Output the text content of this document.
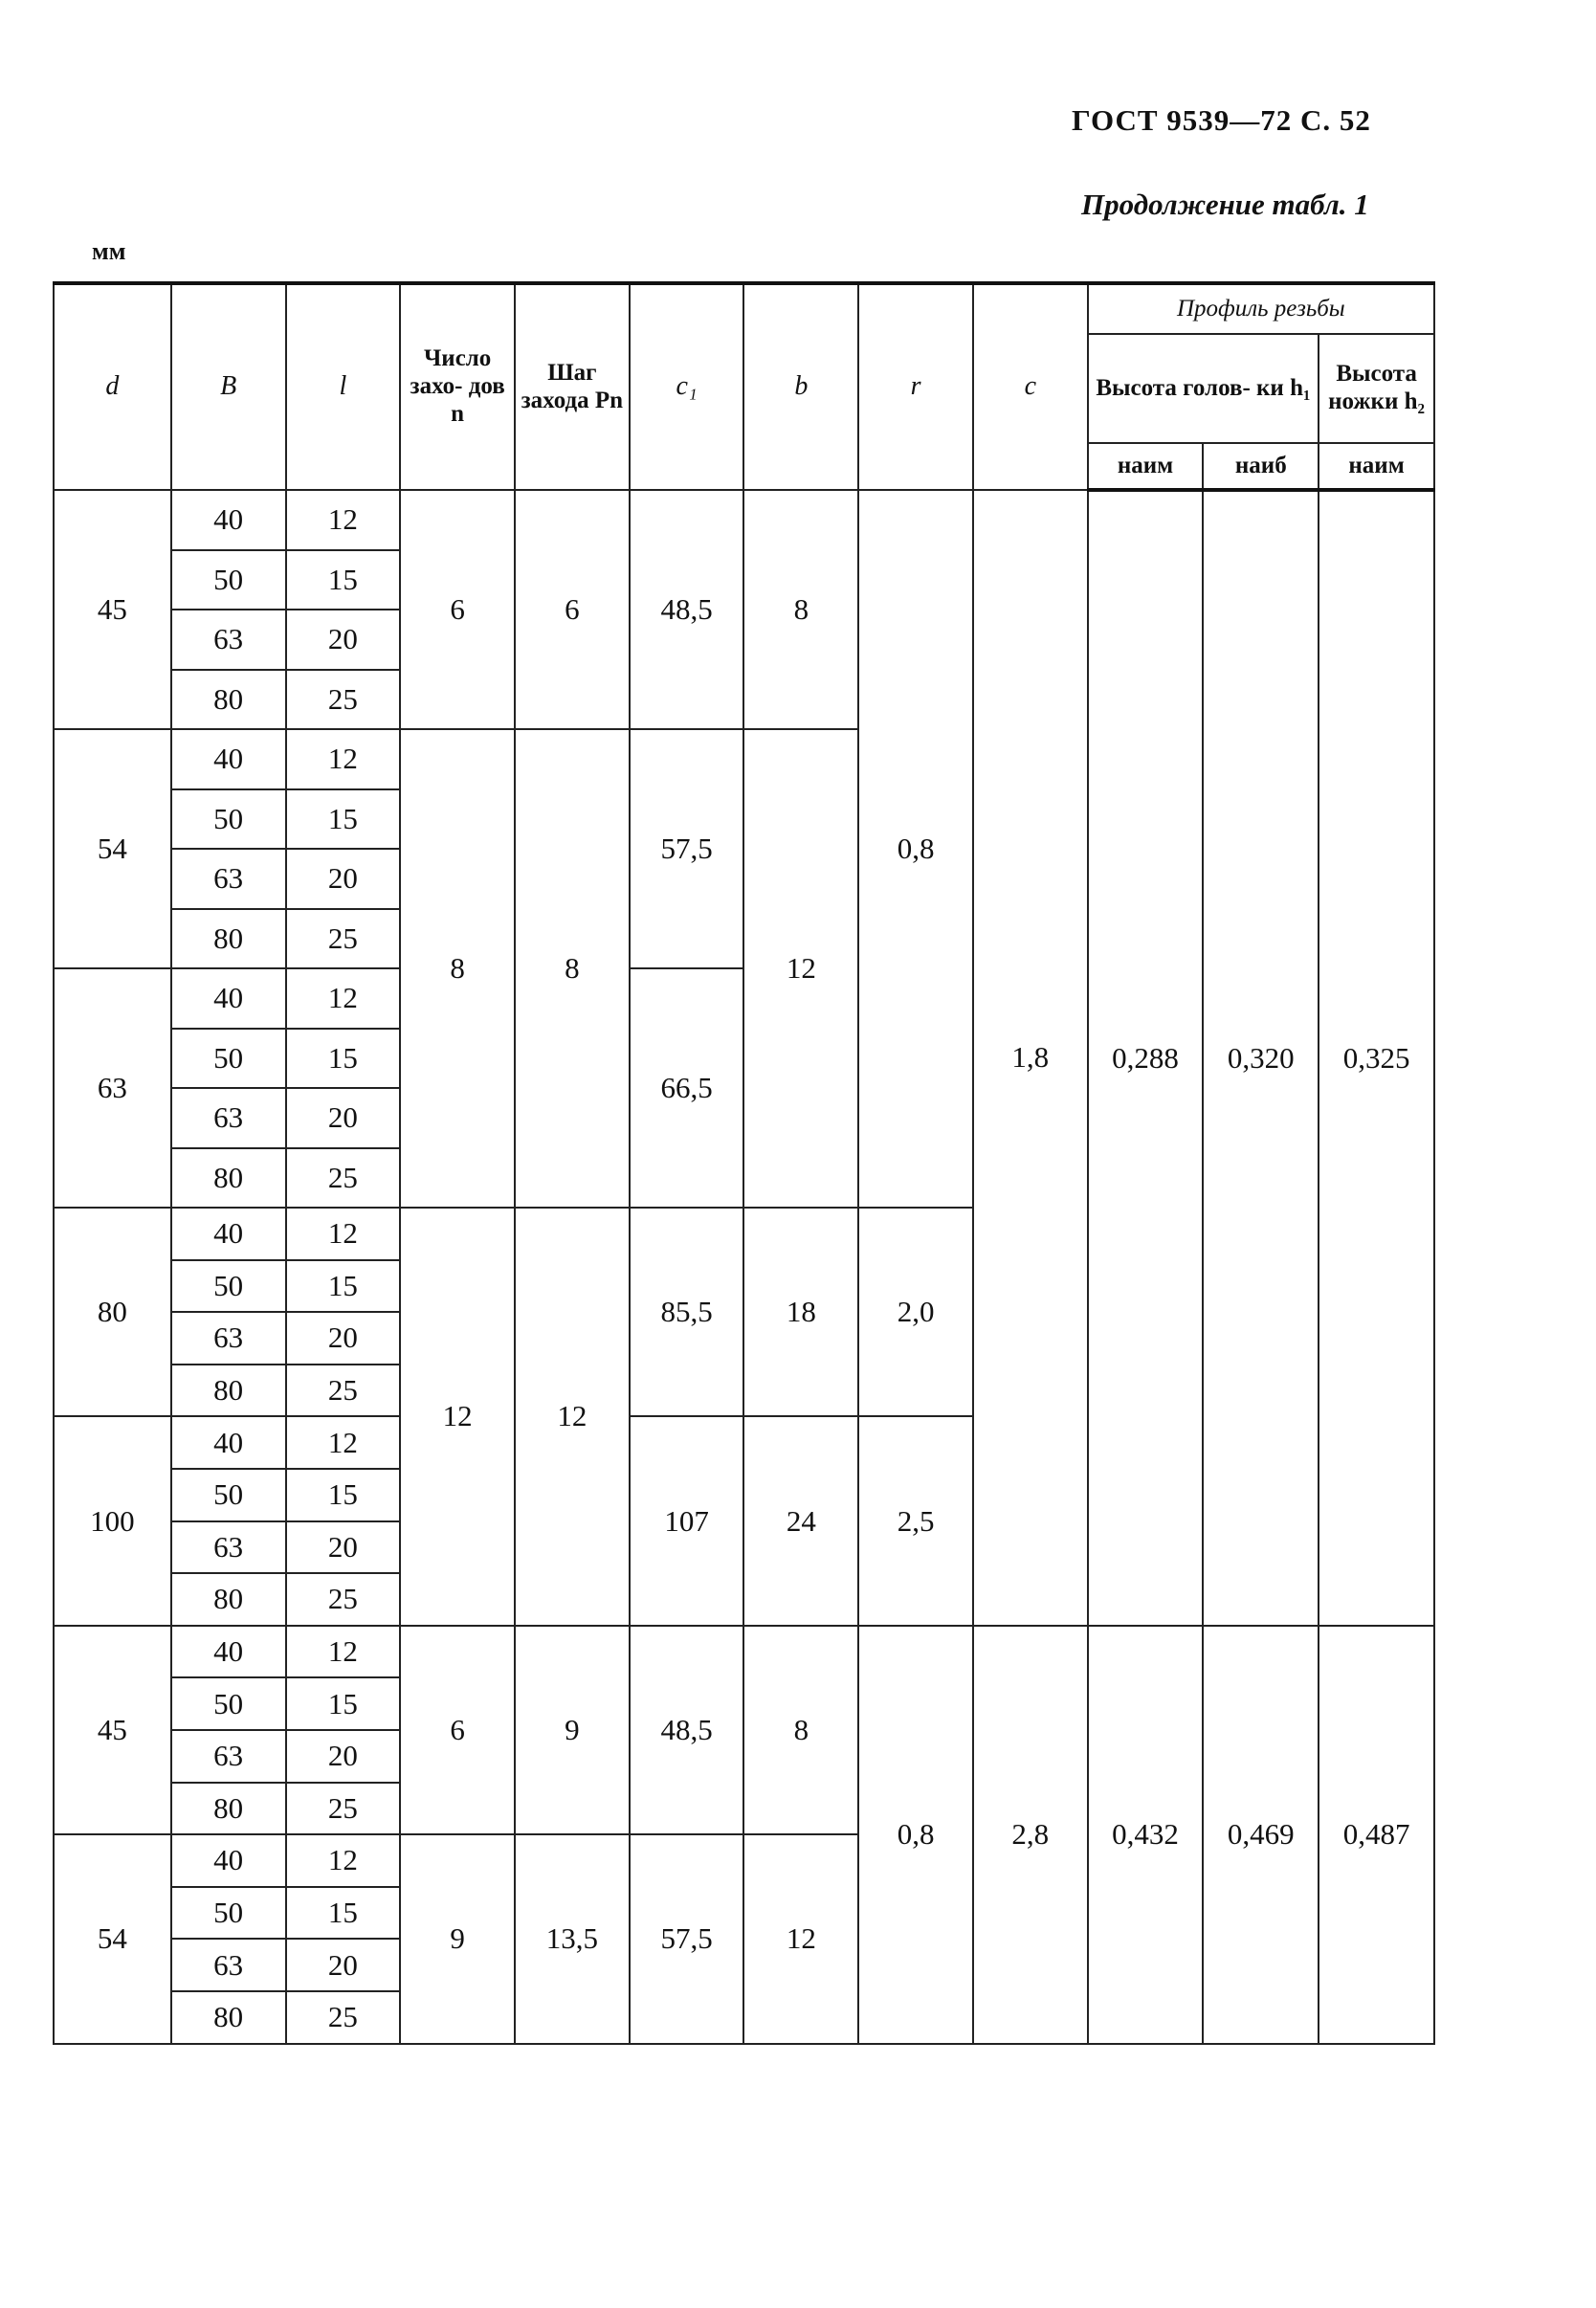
ГОСТ 9539—72 С. 52
Продолжение табл. 1
мм
d	B	l	Число захо- дов n	Шаг захода Pn	c₁	b	r	c	Профиль резьбы		
									Высота голов- ки h₁		Высота ножки h₂
									наим	наиб	наим
45	40	12	6	6	48,5	8	0,8	1,8	0,288	0,320	0,325
	50	15									
	63	20									
	80	25									
54	40	12	8	8	57,5	12					
	50	15									
	63	20									
	80	25									
63	40	12			66,5						
	50	15									
	63	20									
	80	25									
80	40	12	12	12	85,5	18	2,0				
	50	15									
	63	20									
	80	25									
100	40	12			107	24	2,5				
	50	15									
	63	20									
	80	25									
45	40	12	6	9	48,5	8	0,8	2,8	0,432	0,469	0,487
	50	15									
	63	20									
	80	25									
54	40	12	9	13,5	57,5	12					
	50	15									
	63	20									
	80	25									
